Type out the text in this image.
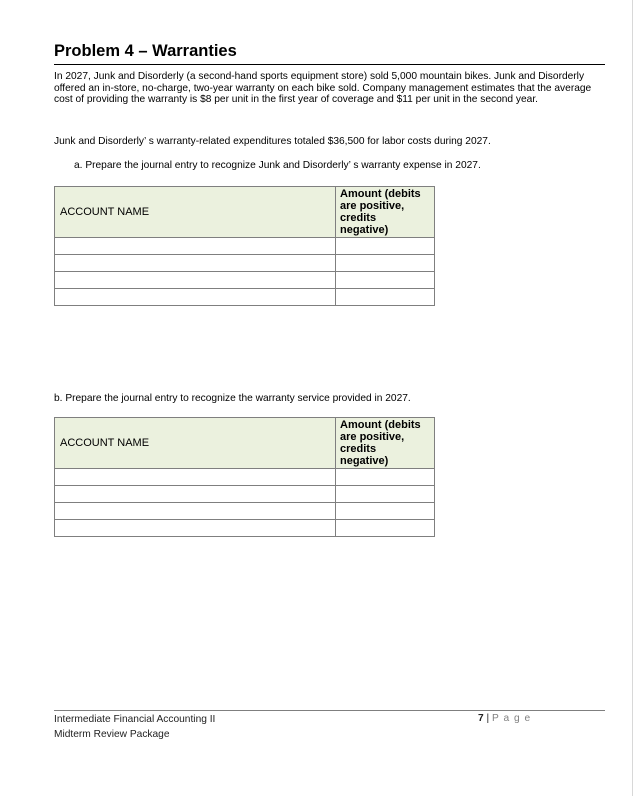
Problem 4 – Warranties
In 2027, Junk and Disorderly (a second-hand sports equipment store) sold 5,000 mountain bikes. Junk and Disorderly offered an in-store, no-charge, two-year warranty on each bike sold. Company management estimates that the average cost of providing the warranty is $8 per unit in the first year of coverage and $11 per unit in the second year.
Junk and Disorderly’ s warranty-related expenditures totaled $36,500 for labor costs during 2027.
a. Prepare the journal entry to recognize Junk and Disorderly’ s warranty expense in 2027.
ACCOUNT NAME	Amount (debits
are positive,
credits
negative)

b. Prepare the journal entry to recognize the warranty service provided in 2027.
ACCOUNT NAME	Amount (debits
are positive,
credits
negative)

Intermediate Financial Accounting II
Midterm Review Package
7 | P a g e
